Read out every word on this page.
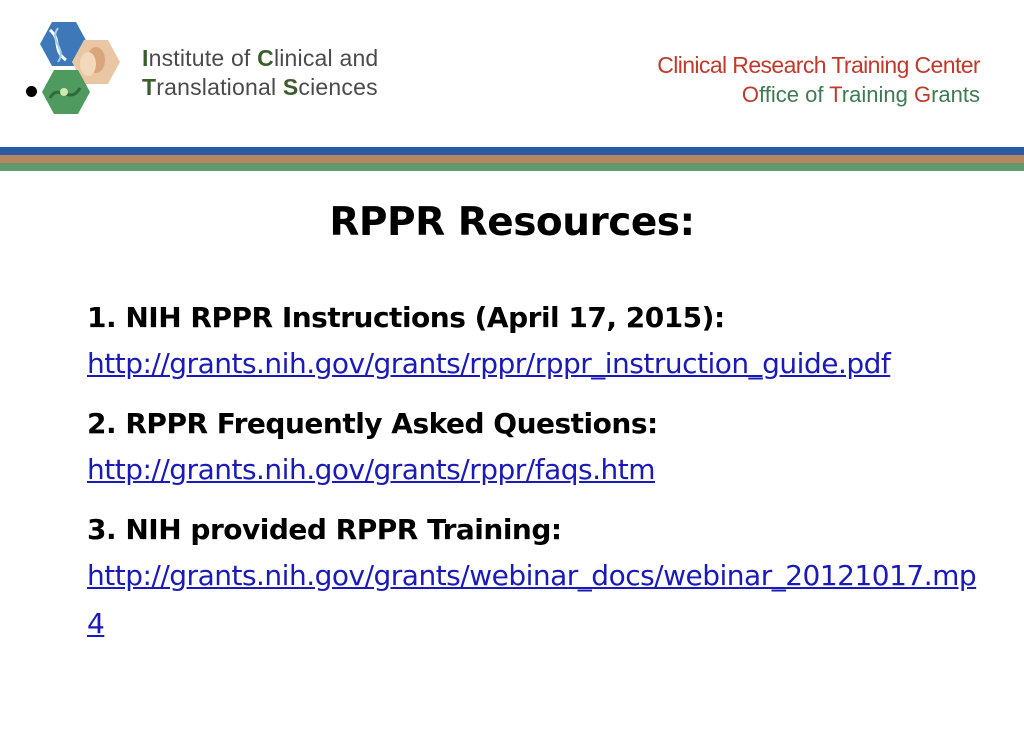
Institute of Clinical and
Translational Sciences
Clinical Research Training Center
Office of Training Grants
RPPR Resources:
1. NIH RPPR Instructions (April 17, 2015):
http://grants.nih.gov/grants/rppr/rppr_instruction_guide.pdf
2. RPPR Frequently Asked Questions:
http://grants.nih.gov/grants/rppr/faqs.htm
3. NIH provided RPPR Training:
http://grants.nih.gov/grants/webinar_docs/webinar_20121017.mp4
